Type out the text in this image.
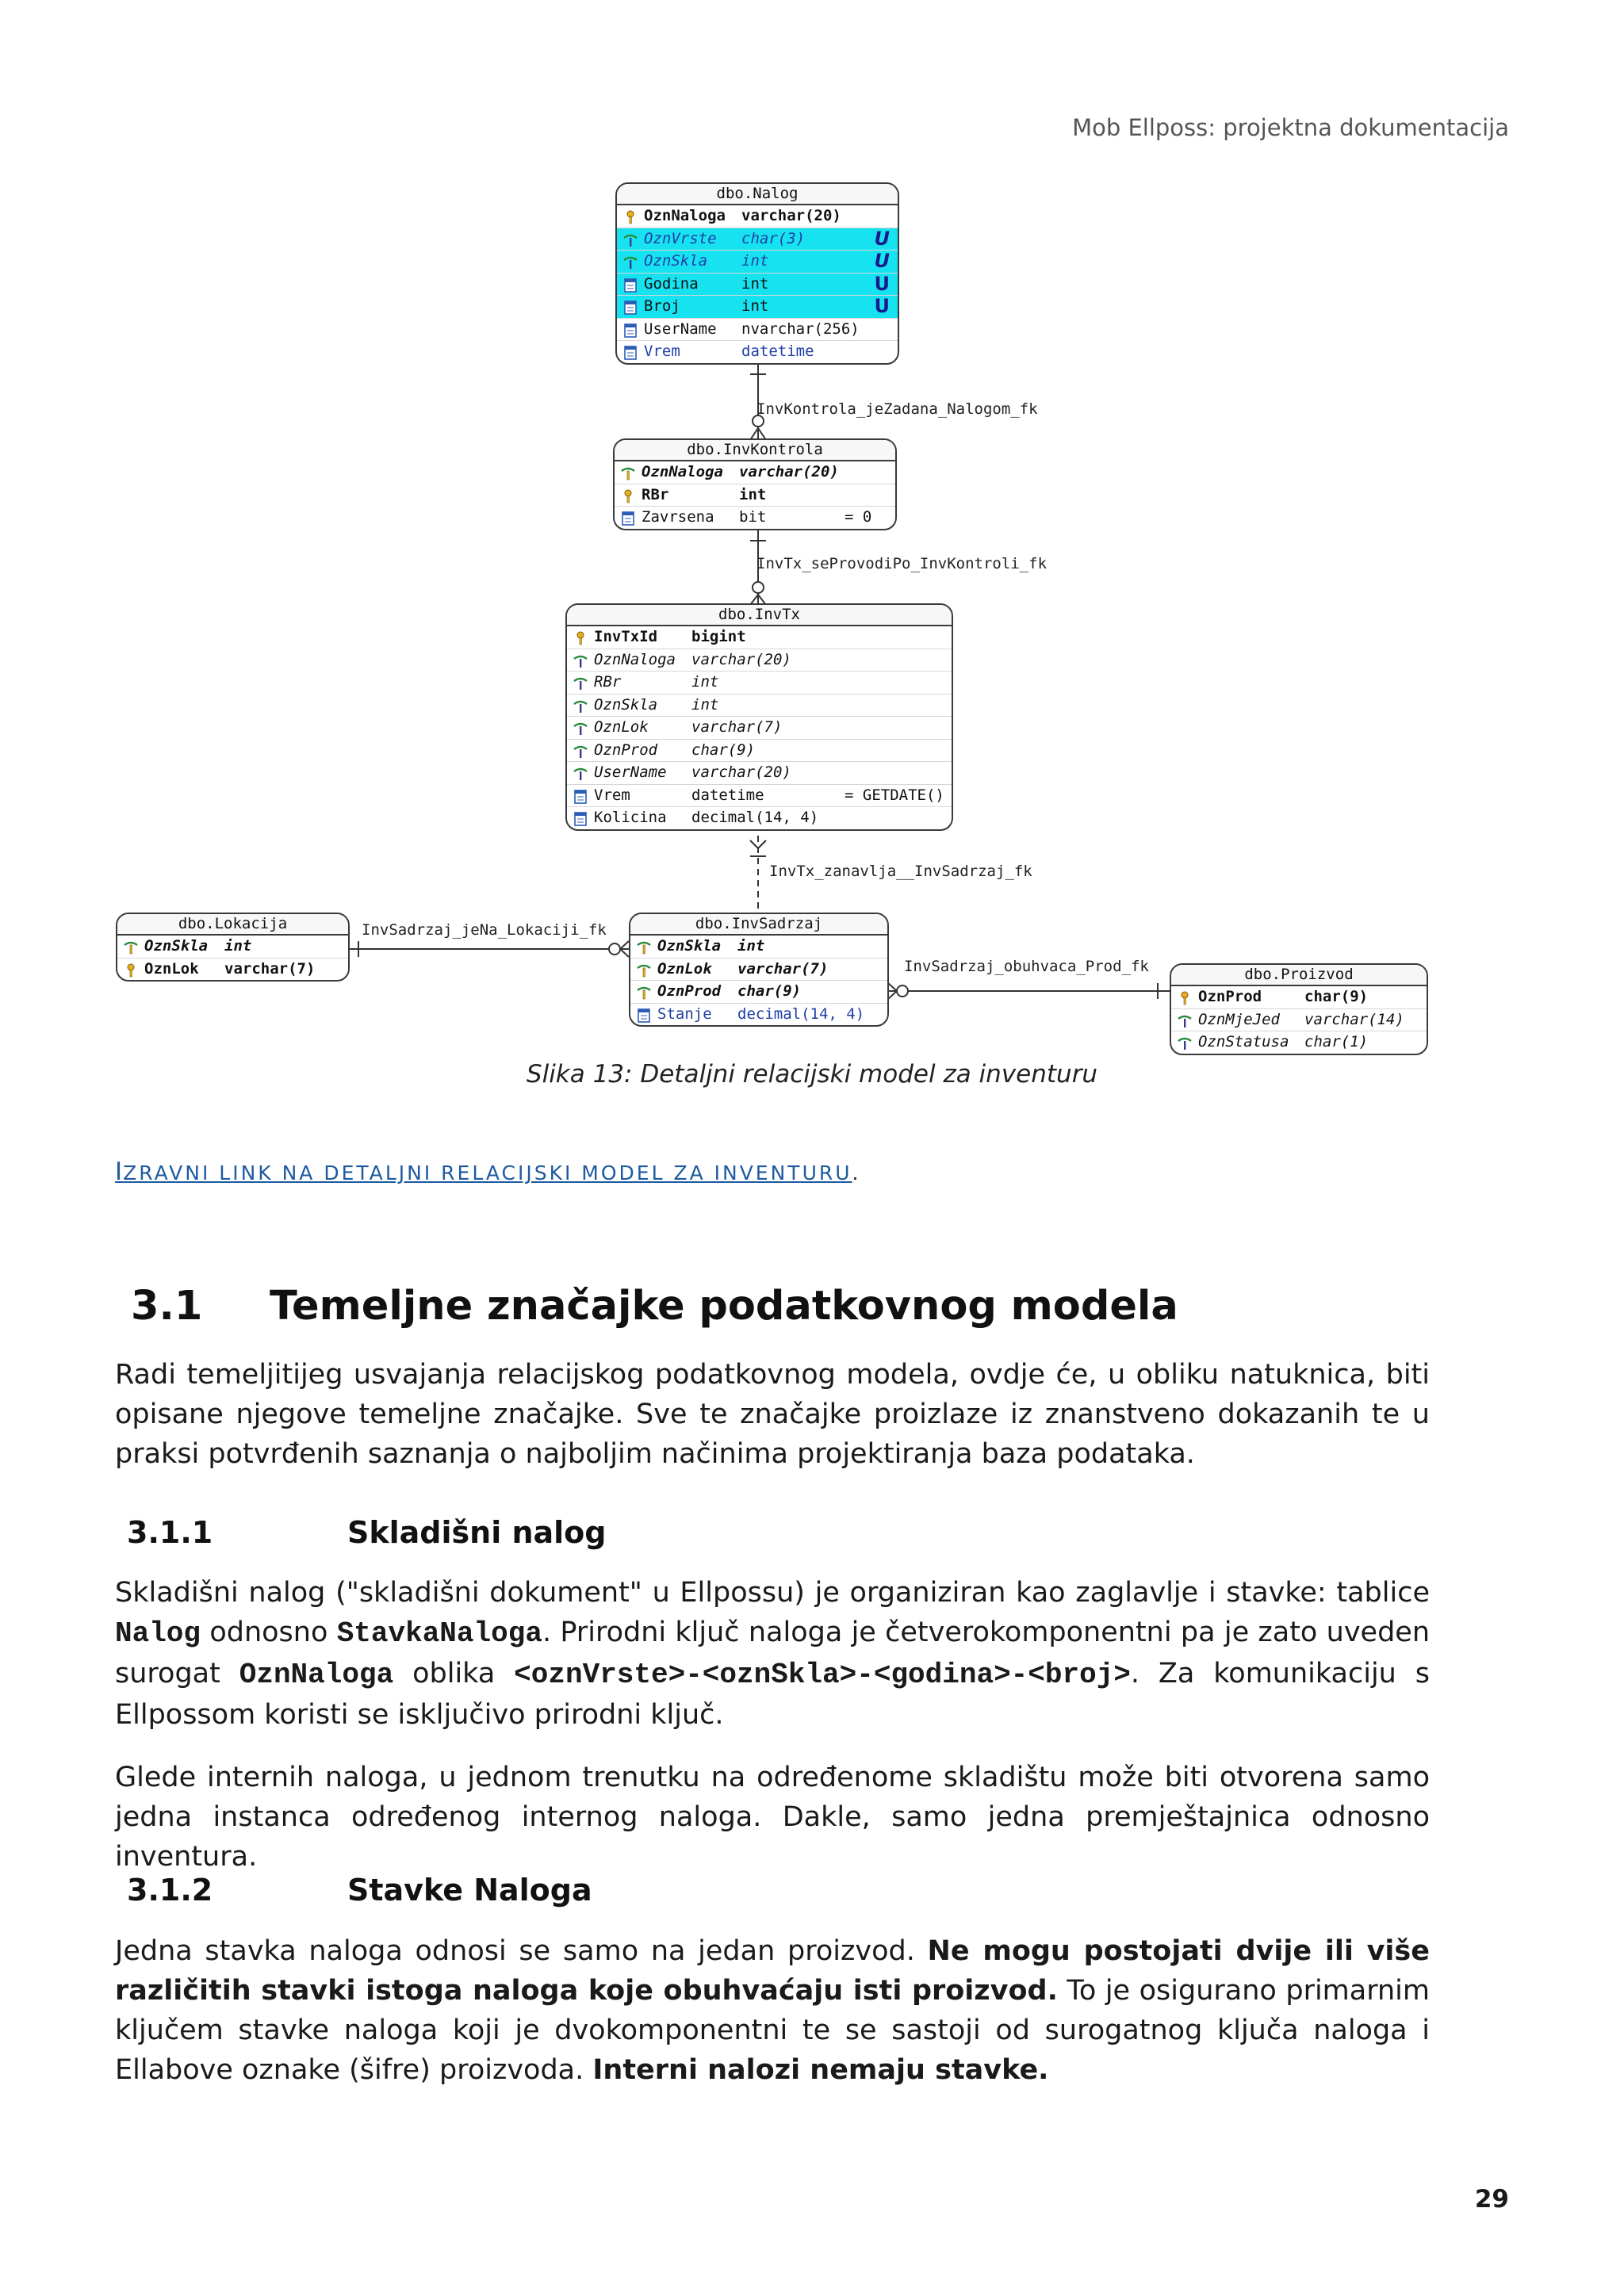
Mob Ellposs: projektna dokumentacija
InvKontrola_jeZadana_Nalogom_fk
InvTx_seProvodiPo_InvKontroli_fk
InvTx_zanavlja__InvSadrzaj_fk
InvSadrzaj_jeNa_Lokaciji_fk
InvSadrzaj_obuhvaca_Prod_fk
dbo.Nalog
OznNaloga varchar(20)
OznVrste char(3)	U
OznSkla int	U
Godina	int	U
Broj	int	U
UserName nvarchar(256)
Vrem	datetime
dbo.InvKontrola
OznNaloga varchar(20)
RBr	int
Zavrsena bit	= 0
dbo.InvTx
InvTxId bigint
OznNaloga varchar(20)
RBr	int
OznSkla int
OznLok	varchar(7)
OznProd char(9)
UserName varchar(20)
Vrem	datetime	= GETDATE()
Kolicina decimal(14, 4)
dbo.Lokacija
OznSkla int
OznLok varchar(7)
dbo.InvSadrzaj
OznSkla int
OznLok varchar(7)
OznProd char(9)
Stanje decimal(14, 4)
dbo.Proizvod
OznProd	char(9)
OznMjeJed varchar(14)
OznStatusa char(1)
Slika 13: Detaljni relacijski model za inventuru
IZRAVNI LINK NA DETALJNI RELACIJSKI MODEL ZA INVENTURU.
3.1 Temeljne značajke podatkovnog modela

Radi temeljitijeg usvajanja relacijskog podatkovnog modela, ovdje će, u obliku natuknica, biti opisane njegove temeljne značajke. Sve te značajke proizlaze iz znanstveno dokazanih te u praksi potvrđenih saznanja o najboljim načinima projektiranja baza podataka.

3.1.1	Skladišni nalog

Skladišni nalog ("skladišni dokument" u Ellpossu) je organiziran kao zaglavlje i stavke: tablice Nalog odnosno StavkaNaloga. Prirodni ključ naloga je četverokomponentni pa je zato uveden surogat OznNaloga oblika <oznVrste>-<oznSkla>-<godina>-<broj>. Za komunikaciju s Ellpossom koristi se isključivo prirodni ključ.

Glede internih naloga, u jednom trenutku na određenome skladištu može biti otvorena samo jedna instanca određenog internog naloga. Dakle, samo jedna premještajnica odnosno inventura.

3.1.2	Stavke Naloga

Jedna stavka naloga odnosi se samo na jedan proizvod. Ne mogu postojati dvije ili više različitih stavki istoga naloga koje obuhvaćaju isti proizvod. To je osigurano primarnim ključem stavke naloga koji je dvokomponentni te se sastoji od surogatnog ključa naloga i Ellabove oznake (šifre) proizvoda. Interni nalozi nemaju stavke.

29
